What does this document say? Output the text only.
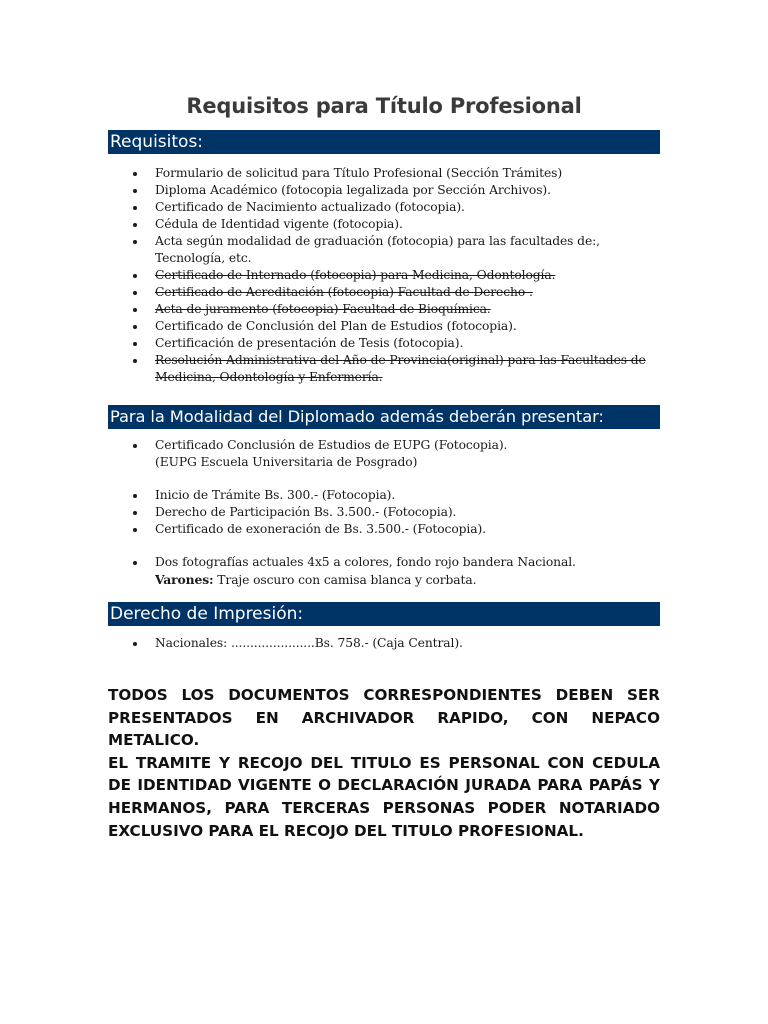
Requisitos para Título Profesional
Requisitos:
Formulario de solicitud para Título Profesional (Sección Trámites)
Diploma Académico (fotocopia legalizada por Sección Archivos).
Certificado de Nacimiento actualizado (fotocopia).
Cédula de Identidad vigente (fotocopia).
Acta según modalidad de graduación (fotocopia) para las facultades de:, Tecnología, etc.
Certificado de Internado (fotocopia) para Medicina, Odontología.
Certificado de Acreditación (fotocopia) Facultad de Derecho .
Acta de juramento (fotocopia) Facultad de Bioquímica.
Certificado de Conclusión del Plan de Estudios (fotocopia).
Certificación de presentación de Tesis (fotocopia).
Resolución Administrativa del Año de Provincia(original) para las Facultades de Medicina, Odontología y Enfermería.
Para la Modalidad del Diplomado además deberán presentar:
Certificado Conclusión de Estudios de EUPG (Fotocopia).
(EUPG Escuela Universitaria de Posgrado)
Inicio de Trámite Bs. 300.- (Fotocopia).
Derecho de Participación Bs. 3.500.- (Fotocopia).
Certificado de exoneración de Bs. 3.500.- (Fotocopia).
Dos fotografías actuales 4x5 a colores, fondo rojo bandera Nacional.
Varones: Traje oscuro con camisa blanca y corbata.
Derecho de Impresión:
Nacionales: ......................Bs. 758.- (Caja Central).

TODOS LOS DOCUMENTOS CORRESPONDIENTES DEBEN SER PRESENTADOS EN ARCHIVADOR RAPIDO, CON NEPACO METALICO.

EL TRAMITE Y RECOJO DEL TITULO ES PERSONAL CON CEDULA DE IDENTIDAD VIGENTE O DECLARACIÓN JURADA PARA PAPÁS Y HERMANOS, PARA TERCERAS PERSONAS PODER NOTARIADO EXCLUSIVO PARA EL RECOJO DEL TITULO PROFESIONAL.
